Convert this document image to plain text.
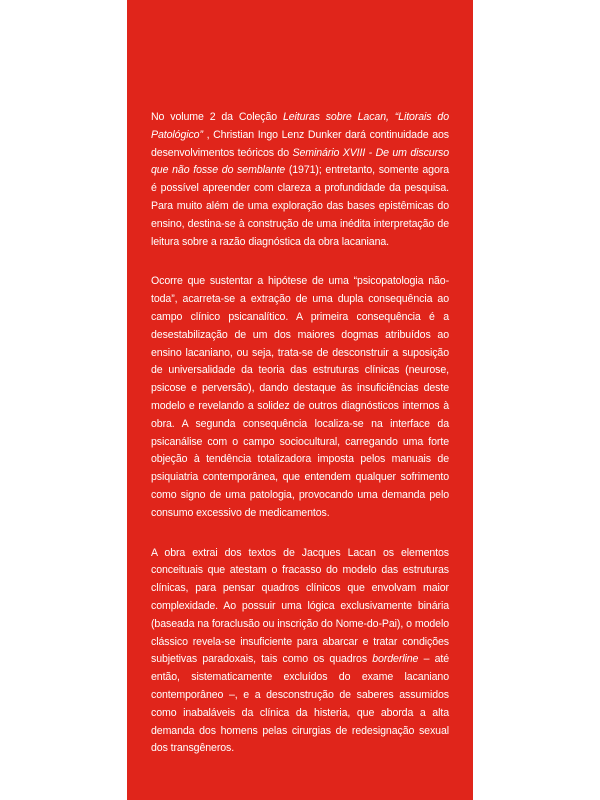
No volume 2 da Coleção Leituras sobre Lacan, “Litorais do Patológico” , Christian Ingo Lenz Dunker dará continuidade aos desenvolvimentos teóricos do Seminário XVIII - De um discurso que não fosse do semblante (1971); entretanto, somente agora é possível apreender com clareza a profundidade da pesquisa. Para muito além de uma exploração das bases epistêmicas do ensino, destina-se à construção de uma inédita interpretação de leitura sobre a razão diagnóstica da obra lacaniana.

Ocorre que sustentar a hipótese de uma “psicopatologia não-toda”, acarreta-se a extração de uma dupla consequência ao campo clínico psicanalítico. A primeira consequência é a desestabilização de um dos maiores dogmas atribuídos ao ensino lacaniano, ou seja, trata-se de desconstruir a suposição de universalidade da teoria das estruturas clínicas (neurose, psicose e perversão), dando destaque às insuficiências deste modelo e revelando a solidez de outros diagnósticos internos à obra. A segunda consequência localiza-se na interface da psicanálise com o campo sociocultural, carregando uma forte objeção à tendência totalizadora imposta pelos manuais de psiquiatria contemporânea, que entendem qualquer sofrimento como signo de uma patologia, provocando uma demanda pelo consumo excessivo de medicamentos.

A obra extrai dos textos de Jacques Lacan os elementos conceituais que atestam o fracasso do modelo das estruturas clínicas, para pensar quadros clínicos que envolvam maior complexidade. Ao possuir uma lógica exclusivamente binária (baseada na foraclusão ou inscrição do Nome-do-Pai), o modelo clássico revela-se insuficiente para abarcar e tratar condições subjetivas paradoxais, tais como os quadros borderline – até então, sistematicamente excluídos do exame lacaniano contemporâneo –, e a desconstrução de saberes assumidos como inabaláveis da clínica da histeria, que aborda a alta demanda dos homens pelas cirurgias de redesignação sexual dos transgêneros.
